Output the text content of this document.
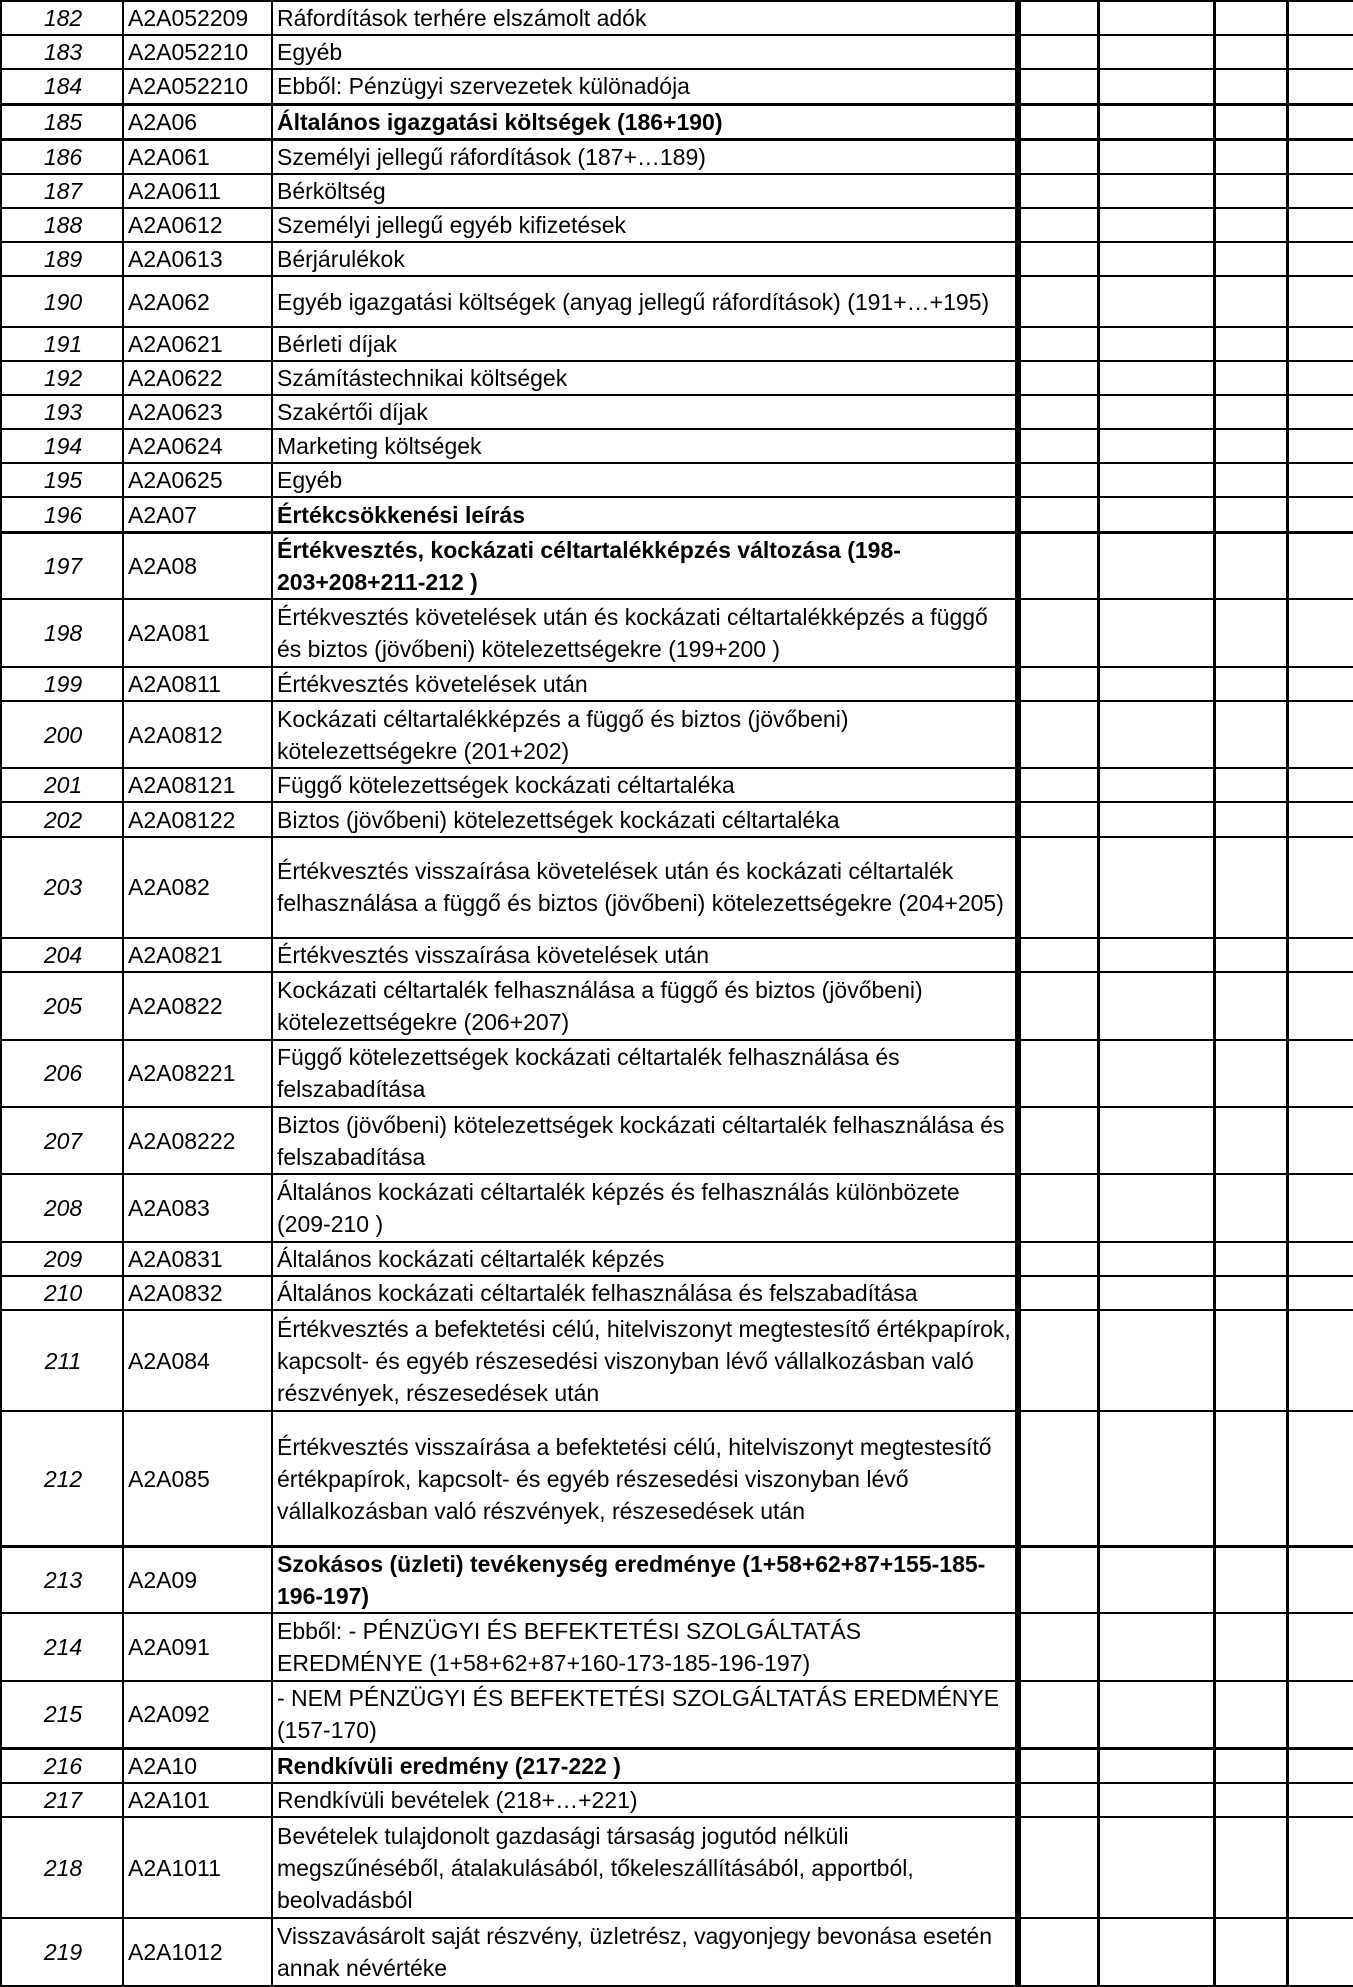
182	A2A052209	Ráfordítások terhére elszámolt adók				
183	A2A052210	Egyéb				
184	A2A052210	Ebből: Pénzügyi szervezetek különadója				
185	A2A06	Általános igazgatási költségek (186+190)				
186	A2A061	Személyi jellegű ráfordítások (187+…189)				
187	A2A0611	Bérköltség				
188	A2A0612	Személyi jellegű egyéb kifizetések				
189	A2A0613	Bérjárulékok				
190	A2A062	Egyéb igazgatási költségek (anyag jellegű ráfordítások) (191+…+195)				
191	A2A0621	Bérleti díjak				
192	A2A0622	Számítástechnikai költségek				
193	A2A0623	Szakértői díjak				
194	A2A0624	Marketing költségek				
195	A2A0625	Egyéb				
196	A2A07	Értékcsökkenési leírás				
197	A2A08	Értékvesztés, kockázati céltartalékképzés változása (198-203+208+211-212 )				
198	A2A081	Értékvesztés követelések után és kockázati céltartalékképzés a függő és biztos (jövőbeni) kötelezettségekre (199+200 )				
199	A2A0811	Értékvesztés követelések után				
200	A2A0812	Kockázati céltartalékképzés a függő és biztos (jövőbeni) kötelezettségekre (201+202)				
201	A2A08121	Függő kötelezettségek kockázati céltartaléka				
202	A2A08122	Biztos (jövőbeni) kötelezettségek kockázati céltartaléka				
203	A2A082	Értékvesztés visszaírása követelések után és kockázati céltartalék felhasználása a függő és biztos (jövőbeni) kötelezettségekre (204+205)				
204	A2A0821	Értékvesztés visszaírása követelések után				
205	A2A0822	Kockázati céltartalék felhasználása a függő és biztos (jövőbeni) kötelezettségekre (206+207)				
206	A2A08221	Függő kötelezettségek kockázati céltartalék felhasználása és felszabadítása				
207	A2A08222	Biztos (jövőbeni) kötelezettségek kockázati céltartalék felhasználása és felszabadítása				
208	A2A083	Általános kockázati céltartalék képzés és felhasználás különbözete (209-210 )				
209	A2A0831	Általános kockázati céltartalék képzés				
210	A2A0832	Általános kockázati céltartalék felhasználása és felszabadítása				
211	A2A084	Értékvesztés a befektetési célú, hitelviszonyt megtestesítő értékpapírok, kapcsolt- és egyéb részesedési viszonyban lévő vállalkozásban való részvények, részesedések után				
212	A2A085	Értékvesztés visszaírása a befektetési célú, hitelviszonyt megtestesítő értékpapírok, kapcsolt- és egyéb részesedési viszonyban lévő vállalkozásban való részvények, részesedések után				
213	A2A09	Szokásos (üzleti) tevékenység eredménye (1+58+62+87+155-185-196-197)				
214	A2A091	Ebből: - PÉNZÜGYI ÉS BEFEKTETÉSI SZOLGÁLTATÁS EREDMÉNYE (1+58+62+87+160-173-185-196-197)				
215	A2A092	- NEM PÉNZÜGYI ÉS BEFEKTETÉSI SZOLGÁLTATÁS EREDMÉNYE (157-170)				
216	A2A10	Rendkívüli eredmény (217-222 )				
217	A2A101	Rendkívüli bevételek (218+…+221)				
218	A2A1011	Bevételek tulajdonolt gazdasági társaság jogutód nélküli megszűnéséből, átalakulásából, tőkeleszállításából, apportból, beolvadásból				
219	A2A1012	Visszavásárolt saját részvény, üzletrész, vagyonjegy bevonása esetén annak névértéke				
